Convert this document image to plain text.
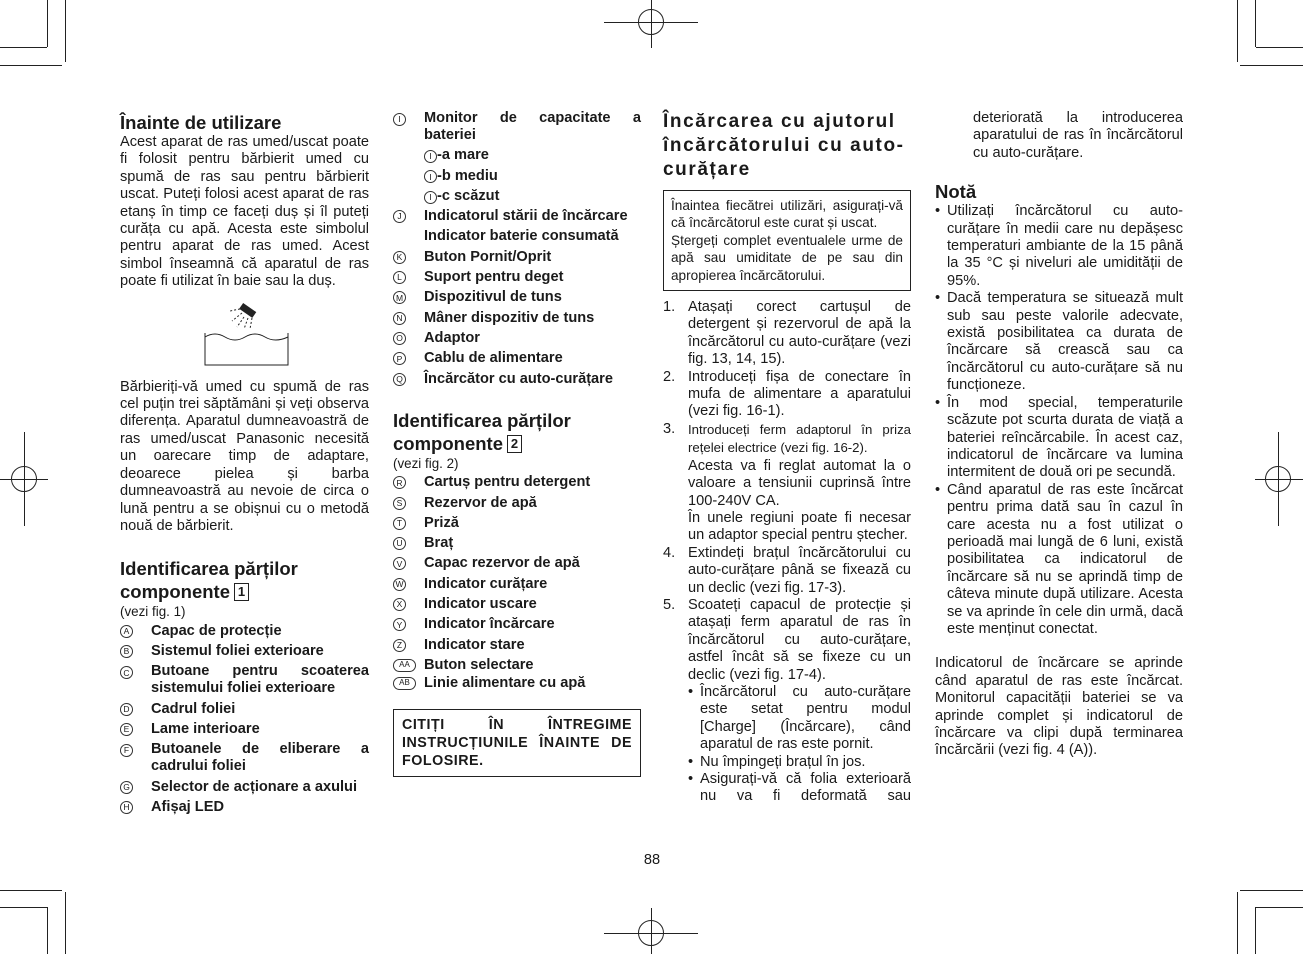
Înainte de utilizare
Acest aparat de ras umed/uscat poate fi folosit pentru bărbierit umed cu spumă de ras sau pentru bărbierit uscat. Puteți folosi acest aparat de ras etanș în timp ce faceți duș și îl puteți curăța cu apă. Acesta este simbolul pentru aparat de ras umed. Acest simbol înseamnă că aparatul de ras poate fi utilizat în baie sau la duș.
Bărbieriți-vă umed cu spumă de ras cel puțin trei săptămâni și veți observa diferența. Aparatul dumneavoastră de ras umed/uscat Panasonic necesită un oarecare timp de adaptare, deoarece pielea și barba dumneavoastră au nevoie de circa o lună pentru a se obișnui cu o metodă nouă de bărbierit.
Identificarea părților componente 1
(vezi fig. 1)
A Capac de protecție
B Sistemul foliei exterioare
C Butoane pentru scoaterea sistemului foliei exterioare
D Cadrul foliei
E Lame interioare
F Butoanele de eliberare a cadrului foliei
G Selector de acționare a axului
H Afișaj LED
I	Monitor de capacitate a bateriei
I -a mare
I -b mediu
I -c scăzut
J Indicatorul stării de încărcare
Indicator baterie consumată
K Buton Pornit/Oprit
L Suport pentru deget
M Dispozitivul de tuns
N Mâner dispozitiv de tuns
O Adaptor
P Cablu de alimentare
Q Încărcător cu auto-curățare
Identificarea părților componente 2
(vezi fig. 2)
R Cartuș pentru detergent
S Rezervor de apă
T Priză
U Braț
V Capac rezervor de apă
W Indicator curățare
X Indicator uscare
Y Indicator încărcare
Z Indicator stare
AA Buton selectare
AB Linie alimentare cu apă
CITIȚI ÎN ÎNTREGIME INSTRUCȚIUNILE ÎNAINTE DE FOLOSIRE.
Încărcarea cu ajutorul încărcătorului cu auto-curățare
Înaintea fiecătrei utilizări, asigurați-vă că încărcătorul este curat și uscat.
Ștergeți complet eventualele urme de apă sau umiditate de pe sau din apropierea încărcătorului.
1. Atașați corect cartușul de detergent și rezervorul de apă la încărcătorul cu auto-curățare (vezi fig. 13, 14, 15).
2. Introduceți fișa de conectare în mufa de alimentare a aparatului (vezi fig. 16-1).
3. Introduceți ferm adaptorul în priza rețelei electrice (vezi fig. 16-2).
Acesta va fi reglat automat la o valoare a tensiunii cuprinsă între 100-240V CA.
În unele regiuni poate fi necesar un adaptor special pentru ștecher.
4. Extindeți brațul încărcătorului cu auto-curățare până se fixează cu un declic (vezi fig. 17-3).
5. Scoateți capacul de protecție și atașați ferm aparatul de ras în încărcătorul cu auto-curățare, astfel încât să se fixeze cu un declic (vezi fig. 17-4).
• Încărcătorul cu auto-curățare este setat pentru modul [Charge] (Încărcare), când aparatul de ras este pornit.
• Nu împingeți brațul în jos.
• Asigurați-vă că folia exterioară nu va fi deformată sau
deteriorată la introducerea aparatului de ras în încărcătorul cu auto-curățare.
Notă
• Utilizați încărcătorul cu auto-curățare în medii care nu depășesc temperaturi ambiante de la 15 până la 35 °C și niveluri ale umidității de 95%.
• Dacă temperatura se situează mult sub sau peste valorile adecvate, există posibilitatea ca durata de încărcare să crească sau ca încărcătorul cu auto-curățare să nu funcționeze.
• În mod special, temperaturile scăzute pot scurta durata de viață a bateriei reîncărcabile. În acest caz, indicatorul de încărcare va lumina intermitent de două ori pe secundă.
• Când aparatul de ras este încărcat pentru prima dată sau în cazul în care acesta nu a fost utilizat o perioadă mai lungă de 6 luni, există posibilitatea ca indicatorul de încărcare să nu se aprindă timp de câteva minute după utilizare. Acesta se va aprinde în cele din urmă, dacă este menținut conectat.
Indicatorul de încărcare se aprinde când aparatul de ras este încărcat. Monitorul capacității bateriei se va aprinde complet și indicatorul de încărcare va clipi după terminarea încărcării (vezi fig. 4 (A)).
88
